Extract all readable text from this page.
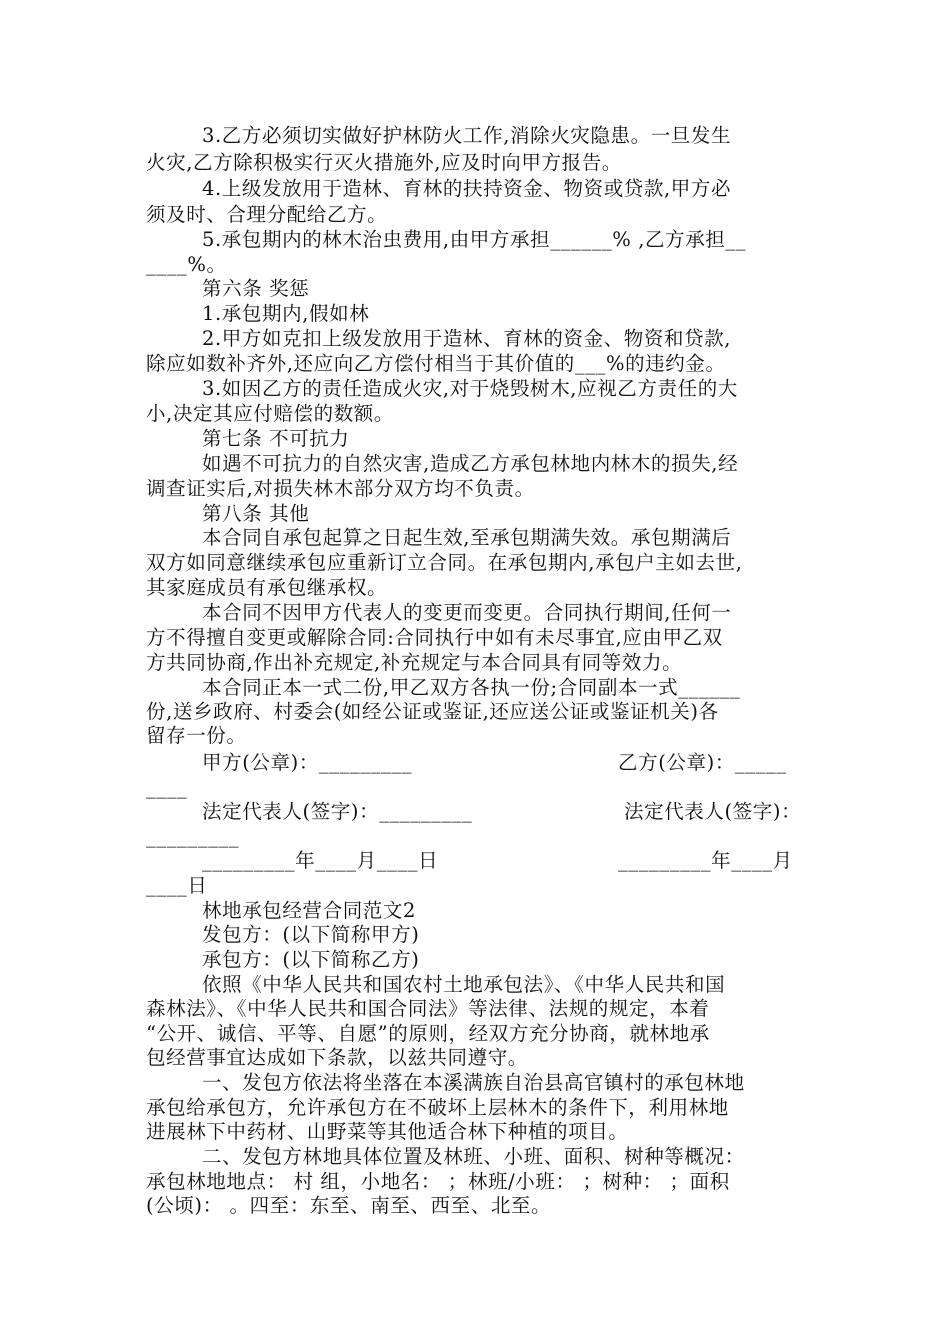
3.乙方必须切实做好护林防火工作,消除火灾隐患。一旦发生
火灾,乙方除积极实行灭火措施外,应及时向甲方报告。
4.上级发放用于造林、育林的扶持资金、物资或贷款,甲方必
须及时、合理分配给乙方。
5.承包期内的林木治虫费用,由甲方承担______% ,乙方承担__
____%。
第六条 奖惩
1.承包期内,假如林
2.甲方如克扣上级发放用于造林、育林的资金、物资和贷款,
除应如数补齐外,还应向乙方偿付相当于其价值的___%的违约金。
3.如因乙方的责任造成火灾,对于烧毁树木,应视乙方责任的大
小,决定其应付赔偿的数额。
第七条 不可抗力
如遇不可抗力的自然灾害,造成乙方承包林地内林木的损失,经
调查证实后,对损失林木部分双方均不负责。
第八条 其他
本合同自承包起算之日起生效,至承包期满失效。承包期满后
双方如同意继续承包应重新订立合同。在承包期内,承包户主如去世,
其家庭成员有承包继承权。
本合同不因甲方代表人的变更而变更。合同执行期间,任何一
方不得擅自变更或解除合同:合同执行中如有未尽事宜,应由甲乙双
方共同协商,作出补充规定,补充规定与本合同具有同等效力。
本合同正本一式二份,甲乙双方各执一份;合同副本一式______
份,送乡政府、村委会(如经公证或鉴证,还应送公证或鉴证机关)各
留存一份。
甲方(公章)：_________	乙方(公章)：_____
____
法定代表人(签字)：_________	法定代表人(签字)：
_________
_________年____月____日	_________年____月
____日
林地承包经营合同范文2
发包方：(以下简称甲方)
承包方：(以下简称乙方)
依照《中华人民共和国农村土地承包法》、《中华人民共和国
森林法》、《中华人民共和国合同法》等法律、法规的规定，本着
“公开、诚信、平等、自愿”的原则，经双方充分协商，就林地承
包经营事宜达成如下条款，以兹共同遵守。
一、发包方依法将坐落在本溪满族自治县高官镇村的承包林地
承包给承包方，允许承包方在不破坏上层林木的条件下，利用林地
进展林下中药材、山野菜等其他适合林下种植的项目。
二、发包方林地具体位置及林班、小班、面积、树种等概况：
承包林地地点： 村 组，小地名： ；林班/小班： ；树种： ；面积
(公顷)： 。四至：东至、南至、西至、北至。
